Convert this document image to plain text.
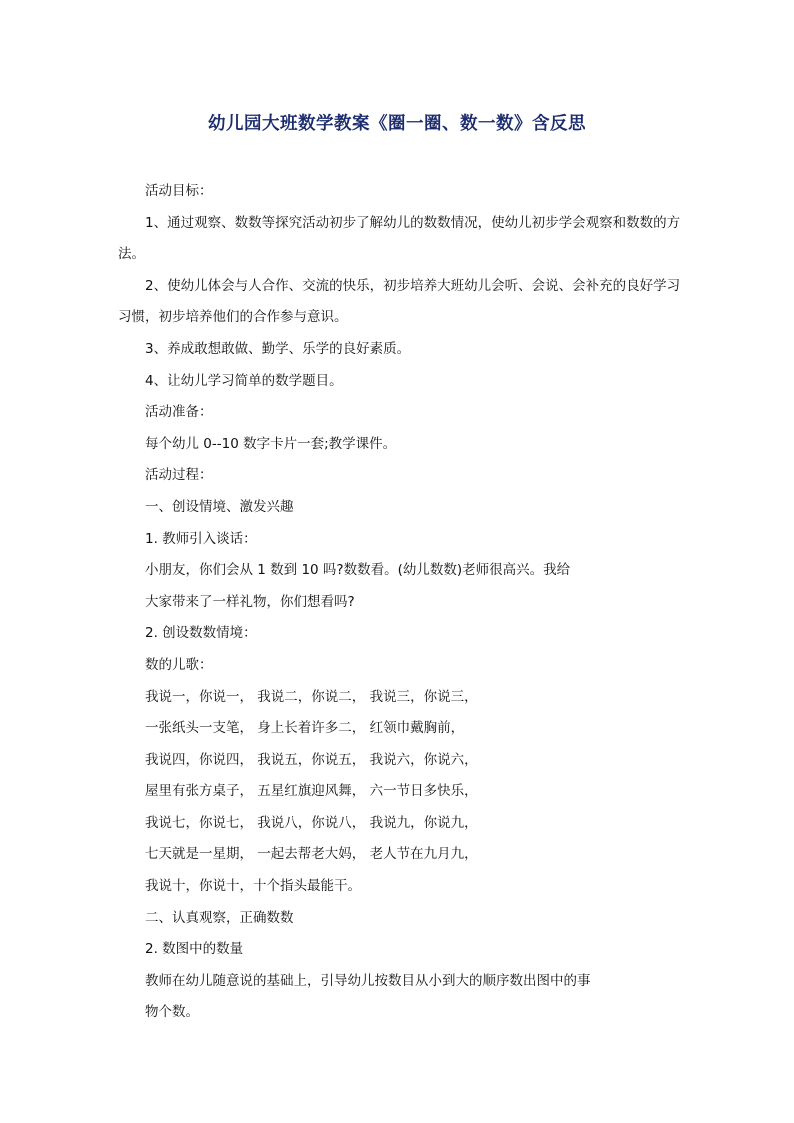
幼儿园大班数学教案《圈一圈、数一数》含反思

活动目标：

1、通过观察、数数等探究活动初步了解幼儿的数数情况，使幼儿初步学会观察和数数的方法。

2、使幼儿体会与人合作、交流的快乐，初步培养大班幼儿会听、会说、会补充的良好学习习惯，初步培养他们的合作参与意识。

3、养成敢想敢做、勤学、乐学的良好素质。

4、让幼儿学习简单的数学题目。

活动准备：

每个幼儿 0--10 数字卡片一套;教学课件。

活动过程：

一、创设情境、激发兴趣

1. 教师引入谈话：

小朋友，你们会从 1 数到 10 吗?数数看。(幼儿数数)老师很高兴。我给

大家带来了一样礼物，你们想看吗?

2. 创设数数情境：

数的儿歌：

我说一，你说一， 我说二，你说二， 我说三，你说三，

一张纸头一支笔， 身上长着许多二， 红领巾戴胸前，

我说四，你说四， 我说五，你说五， 我说六，你说六，

屋里有张方桌子， 五星红旗迎风舞， 六一节日多快乐，

我说七，你说七， 我说八，你说八， 我说九，你说九，

七天就是一星期， 一起去帮老大妈， 老人节在九月九，

我说十，你说十，十个指头最能干。

二、认真观察，正确数数

2. 数图中的数量

教师在幼儿随意说的基础上，引导幼儿按数目从小到大的顺序数出图中的事

物个数。
